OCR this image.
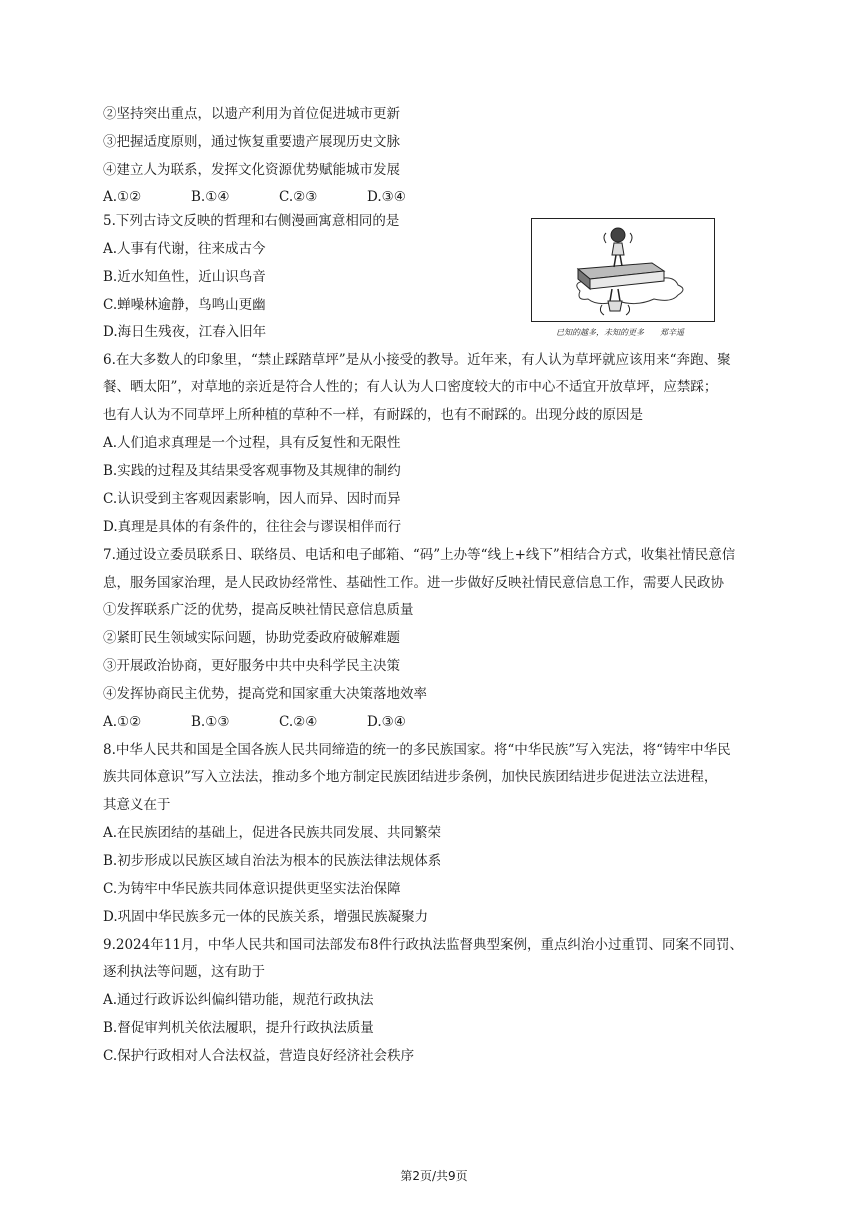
②坚持突出重点，以遗产利用为首位促进城市更新
③把握适度原则，通过恢复重要遗产展现历史文脉
④建立人为联系，发挥文化资源优势赋能城市发展
A.①②	B.①④	C.②③	D.③④
5.下列古诗文反映的哲理和右侧漫画寓意相同的是
A.人事有代谢，往来成古今
B.近水知鱼性，近山识鸟音
C.蝉噪林逾静，鸟鸣山更幽
D.海日生残夜，江春入旧年	已知的越多，未知的更多　　郑辛遥
6.在大多数人的印象里，“禁止踩踏草坪”是从小接受的教导。近年来，有人认为草坪就应该用来“奔跑、聚
餐、晒太阳”，对草地的亲近是符合人性的；有人认为人口密度较大的市中心不适宜开放草坪，应禁踩；
也有人认为不同草坪上所种植的草种不一样，有耐踩的，也有不耐踩的。出现分歧的原因是
A.人们追求真理是一个过程，具有反复性和无限性
B.实践的过程及其结果受客观事物及其规律的制约
C.认识受到主客观因素影响，因人而异、因时而异
D.真理是具体的有条件的，往往会与谬误相伴而行
7.通过设立委员联系日、联络员、电话和电子邮箱、“码”上办等“线上+线下”相结合方式，收集社情民意信
息，服务国家治理，是人民政协经常性、基础性工作。进一步做好反映社情民意信息工作，需要人民政协
①发挥联系广泛的优势，提高反映社情民意信息质量
②紧盯民生领域实际问题，协助党委政府破解难题
③开展政治协商，更好服务中共中央科学民主决策
④发挥协商民主优势，提高党和国家重大决策落地效率
A.①②	B.①③	C.②④	D.③④
8.中华人民共和国是全国各族人民共同缔造的统一的多民族国家。将“中华民族”写入宪法，将“铸牢中华民
族共同体意识”写入立法法，推动多个地方制定民族团结进步条例，加快民族团结进步促进法立法进程，
其意义在于
A.在民族团结的基础上，促进各民族共同发展、共同繁荣
B.初步形成以民族区域自治法为根本的民族法律法规体系
C.为铸牢中华民族共同体意识提供更坚实法治保障
D.巩固中华民族多元一体的民族关系，增强民族凝聚力
9.2024年11月，中华人民共和国司法部发布8件行政执法监督典型案例，重点纠治小过重罚、同案不同罚、
逐利执法等问题，这有助于
A.通过行政诉讼纠偏纠错功能，规范行政执法
B.督促审判机关依法履职，提升行政执法质量
C.保护行政相对人合法权益，营造良好经济社会秩序
第2页/共9页
